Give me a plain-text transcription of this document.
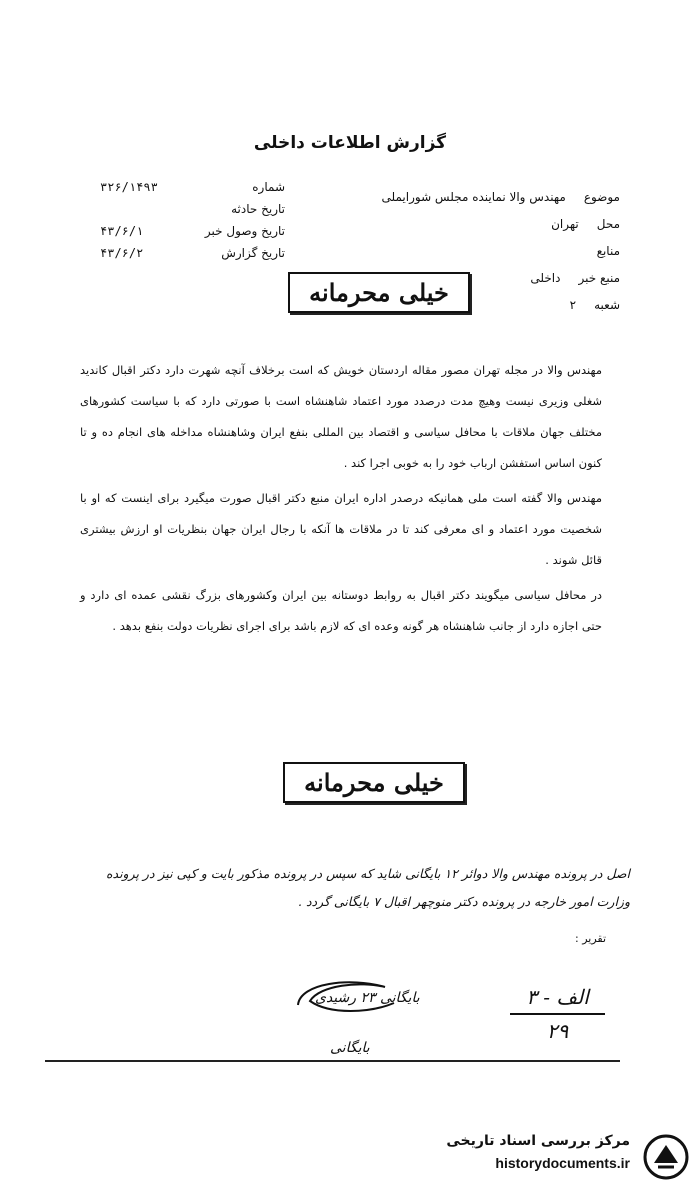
گزارش اطلاعات داخلی
موضوع
مهندس والا نماینده مجلس شورایملی
محل
تهران
منابع
منبع خبر
داخلی
شعبه
۲
شماره
۳۲۶/۱۴۹۳
تاریخ حادثه
تاریخ وصول خبر
۴۳/۶/۱
تاریخ گزارش
۴۳/۶/۲
خیلی محرمانه

مهندس والا در مجله تهران مصور مقاله اردستان خویش که است برخلاف آنچه شهرت دارد دکتر اقبال کاندید شغلی وزیری نیست وهیچ مدت درصدد مورد اعتماد شاهنشاه است با صورتی دارد که با سیاست کشورهای مختلف جهان ملاقات با محافل سیاسی و اقتصاد بین المللی بنفع ایران وشاهنشاه مداخله های انجام ده و تا کنون اساس استفشن ارباب خود را به خوبی اجرا کند .

مهندس والا گفته است ملی همانیکه درصدر اداره ایران منبع دکتر اقبال صورت میگیرد برای اینست که او با شخصیت مورد اعتماد و ای معرفی کند تا در ملاقات ها آنکه با رجال ایران جهان بنظریات او ارزش بیشتری قائل شوند .

در محافل سیاسی میگویند دکتر اقبال به روابط دوستانه بین ایران وکشورهای بزرگ نقشی عمده ای دارد و حتی اجازه دارد از جانب شاهنشاه هر گونه وعده ای که لازم باشد برای اجرای نظریات دولت بنفع بدهد .

خیلی محرمانه
اصل در پرونده مهندس والا دوائر ۱۲ بایگانی شاید که سپس در پرونده مذکور بایت و کپی نیز در پرونده وزارت امور خارجه در پرونده دکتر منوچهر اقبال ۷ بایگانی گردد .
تقریر :
بایگانی ۲۳ رشیدی
بایگانی
الف - ۳
۲۹
مرکز بررسی اسناد تاریخی
historydocuments.ir
